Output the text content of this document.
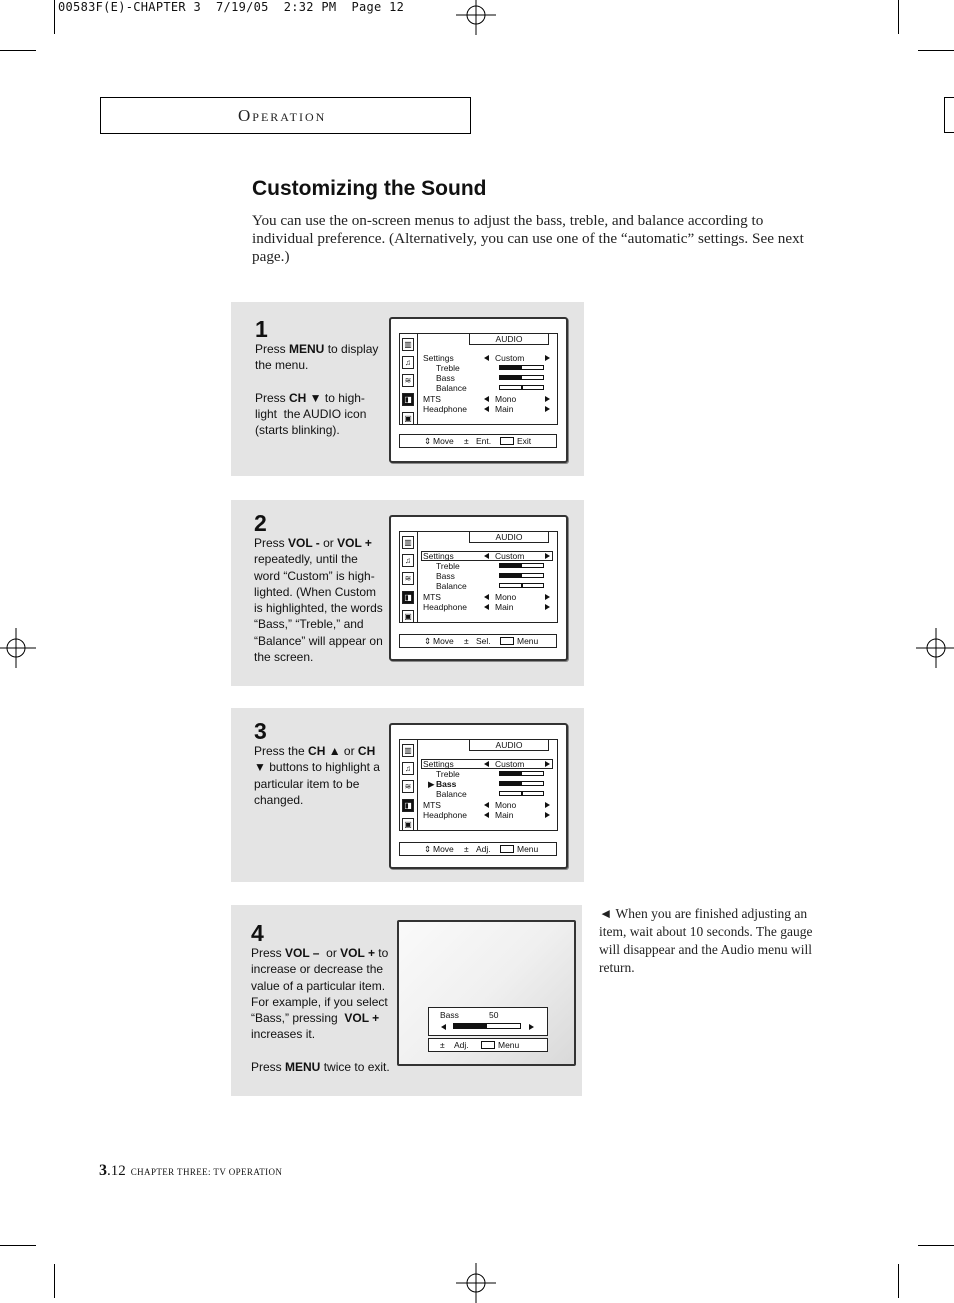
00583F(E)-CHAPTER 3  7/19/05  2:32 PM  Page 12
OPERATION
Customizing the Sound
You can use the on-screen menus to adjust the bass, treble, and balance according to individual preference. (Alternatively, you can use one of the “automatic” settings. See next page.)
1

Press MENU to display the menu.

Press CH ▼ to high- light  the AUDIO icon (starts blinking).

▥
♫
≋
◨
▣
AUDIO
Settings	Custom
Treble
Bass
Balance
MTS	Mono
Headphone	Main
⇕ Move ± Ent.	Exit
2

Press VOL - or VOL + repeatedly, until the word “Custom” is high- lighted. (When Custom is highlighted, the words “Bass,” “Treble,” and “Balance” will appear on the screen.

▥
♫
≋
◨
▣
AUDIO
Settings	Custom
Treble
Bass
Balance
MTS	Mono
Headphone	Main
⇕ Move ± Sel.	Menu
3

Press the CH ▲ or CH ▼ buttons to highlight a particular item to be changed.

▥
♫
≋
◨
▣
AUDIO
Settings	Custom
Treble
▶ Bass
Balance
MTS	Mono
Headphone	Main
⇕ Move ± Adj.	Menu
4

Press VOL –  or VOL + to increase or decrease the value of a particular item. For example, if you select “Bass,” pressing  VOL + increases it.

Press MENU twice to exit.

Bass	50
± Adj.	Menu
◄ When you are finished adjusting an item, wait about 10 seconds. The gauge will disappear and the Audio menu will return.
3.12 CHAPTER THREE: TV OPERATION
